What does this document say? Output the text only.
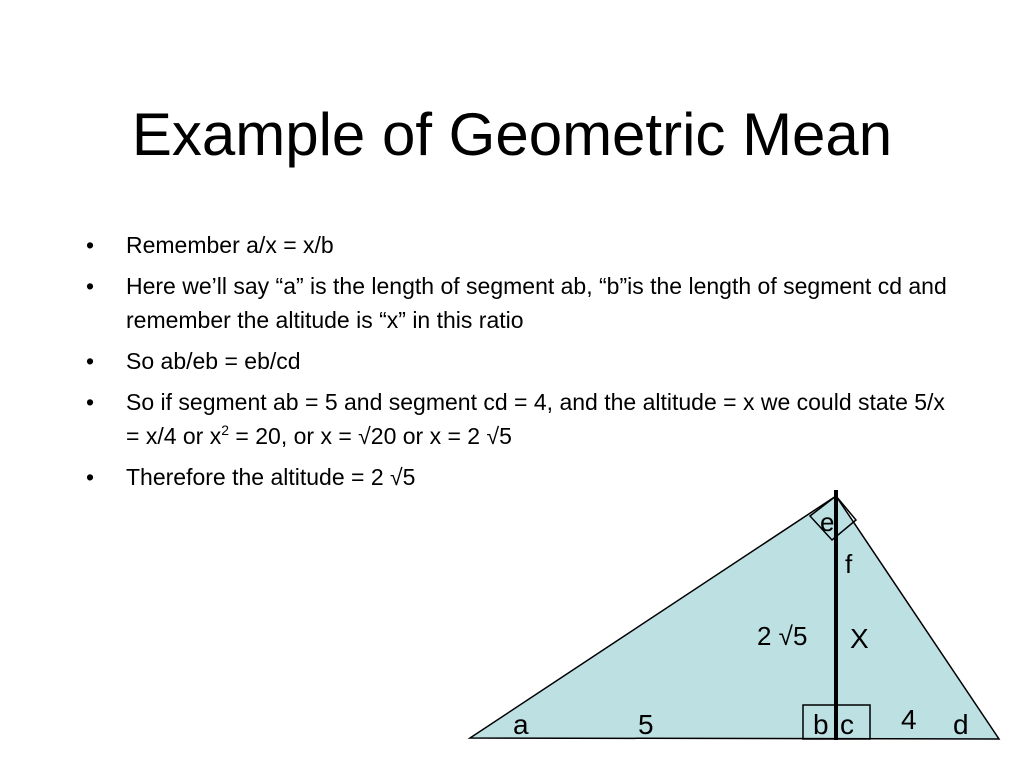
Example of Geometric Mean
• Remember a/x = x/b
• Here we’ll say “a” is the length of segment ab, “b”is the length of segment cd and remember the altitude is “x” in this ratio
• So ab/eb = eb/cd
• So if segment ab = 5 and segment cd = 4, and the altitude = x we could state 5/x = x/4 or $x^2 = 20$, or x = √20 or x = 2 √5
• Therefore the altitude = 2 √5
e
f
2 √5 X
a	5	b c 4 d
